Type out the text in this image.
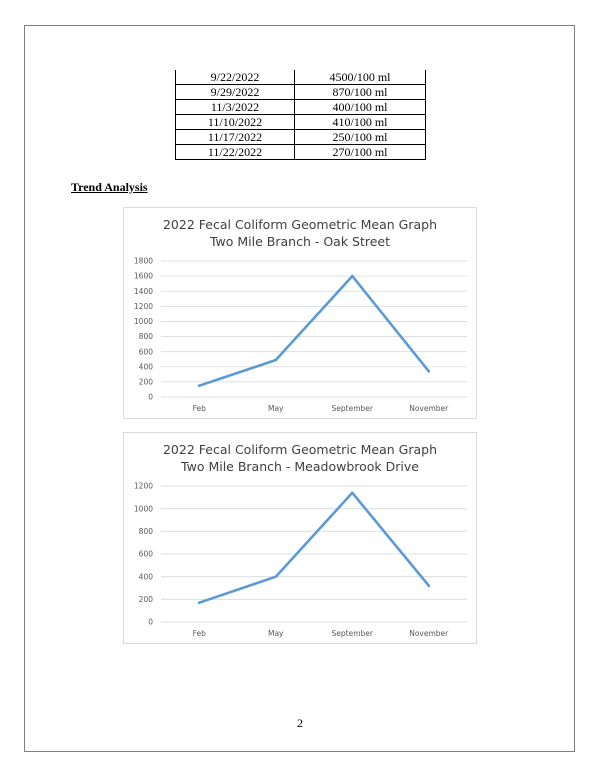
9/22/2022	4500/100 ml
9/29/2022	870/100 ml
11/3/2022	400/100 ml
11/10/2022	410/100 ml
11/17/2022	250/100 ml
11/22/2022	270/100 ml
Trend Analysis
2022 Fecal Coliform Geometric Mean Graph
Two Mile Branch - Oak Street
0
200
400
600
800
1000
1200
1400
1600
1800
Feb	May	September	November
2022 Fecal Coliform Geometric Mean Graph
Two Mile Branch - Meadowbrook Drive
0
200
400
600
800
1000
1200
Feb	May	September	November
2
